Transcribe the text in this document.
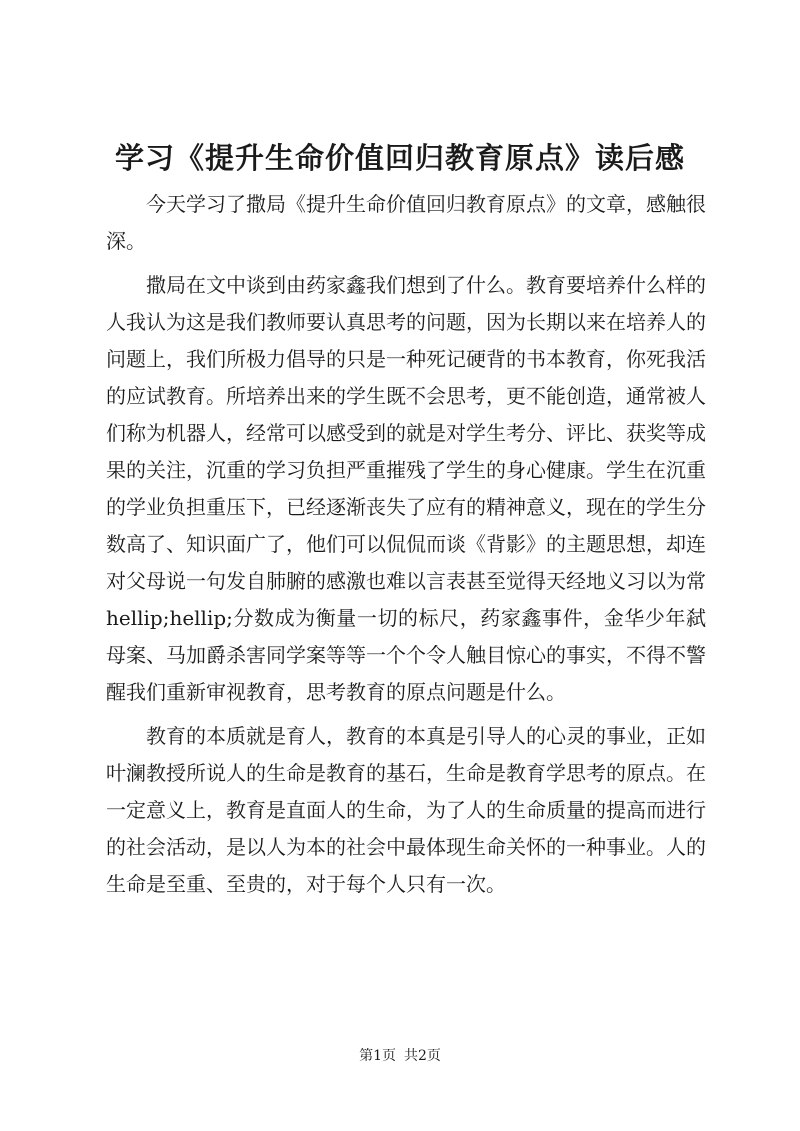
学习《提升生命价值回归教育原点》读后感

今天学习了撒局《提升生命价值回归教育原点》的文章，感触很深。

撒局在文中谈到由药家鑫我们想到了什么。教育要培养什么样的人我认为这是我们教师要认真思考的问题，因为长期以来在培养人的问题上，我们所极力倡导的只是一种死记硬背的书本教育，你死我活的应试教育。所培养出来的学生既不会思考，更不能创造，通常被人们称为机器人，经常可以感受到的就是对学生考分、评比、获奖等成果的关注，沉重的学习负担严重摧残了学生的身心健康。学生在沉重的学业负担重压下，已经逐渐丧失了应有的精神意义，现在的学生分数高了、知识面广了，他们可以侃侃而谈《背影》的主题思想，却连对父母说一句发自肺腑的感激也难以言表甚至觉得天经地义习以为常hellip;hellip;分数成为衡量一切的标尺，药家鑫事件，金华少年弑母案、马加爵杀害同学案等等一个个令人触目惊心的事实，不得不警醒我们重新审视教育，思考教育的原点问题是什么。

教育的本质就是育人，教育的本真是引导人的心灵的事业，正如叶澜教授所说人的生命是教育的基石，生命是教育学思考的原点。在一定意义上，教育是直面人的生命，为了人的生命质量的提高而进行的社会活动，是以人为本的社会中最体现生命关怀的一种事业。人的生命是至重、至贵的，对于每个人只有一次。

第1页 共2页
